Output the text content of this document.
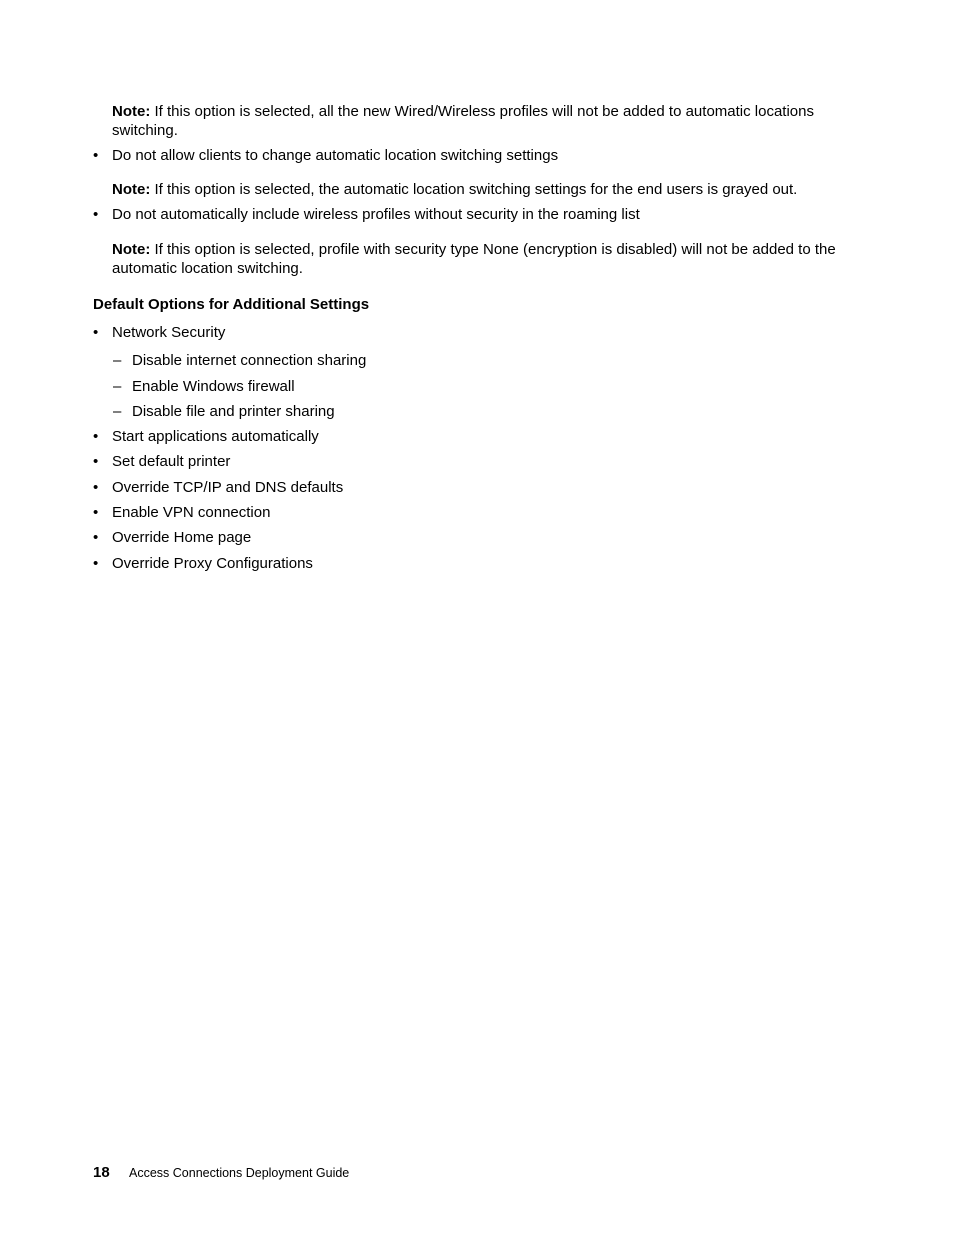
Note: If this option is selected, all the new Wired/Wireless profiles will not be added to automatic locations switching.

• Do not allow clients to change automatic location switching settings

Note: If this option is selected, the automatic location switching settings for the end users is grayed out.

• Do not automatically include wireless profiles without security in the roaming list

Note: If this option is selected, profile with security type None (encryption is disabled) will not be added to the automatic location switching.

Default Options for Additional Settings

• Network Security

– Disable internet connection sharing

– Enable Windows firewall

– Disable file and printer sharing

• Start applications automatically

• Set default printer

• Override TCP/IP and DNS defaults

• Enable VPN connection

• Override Home page

• Override Proxy Configurations

18 Access Connections Deployment Guide
